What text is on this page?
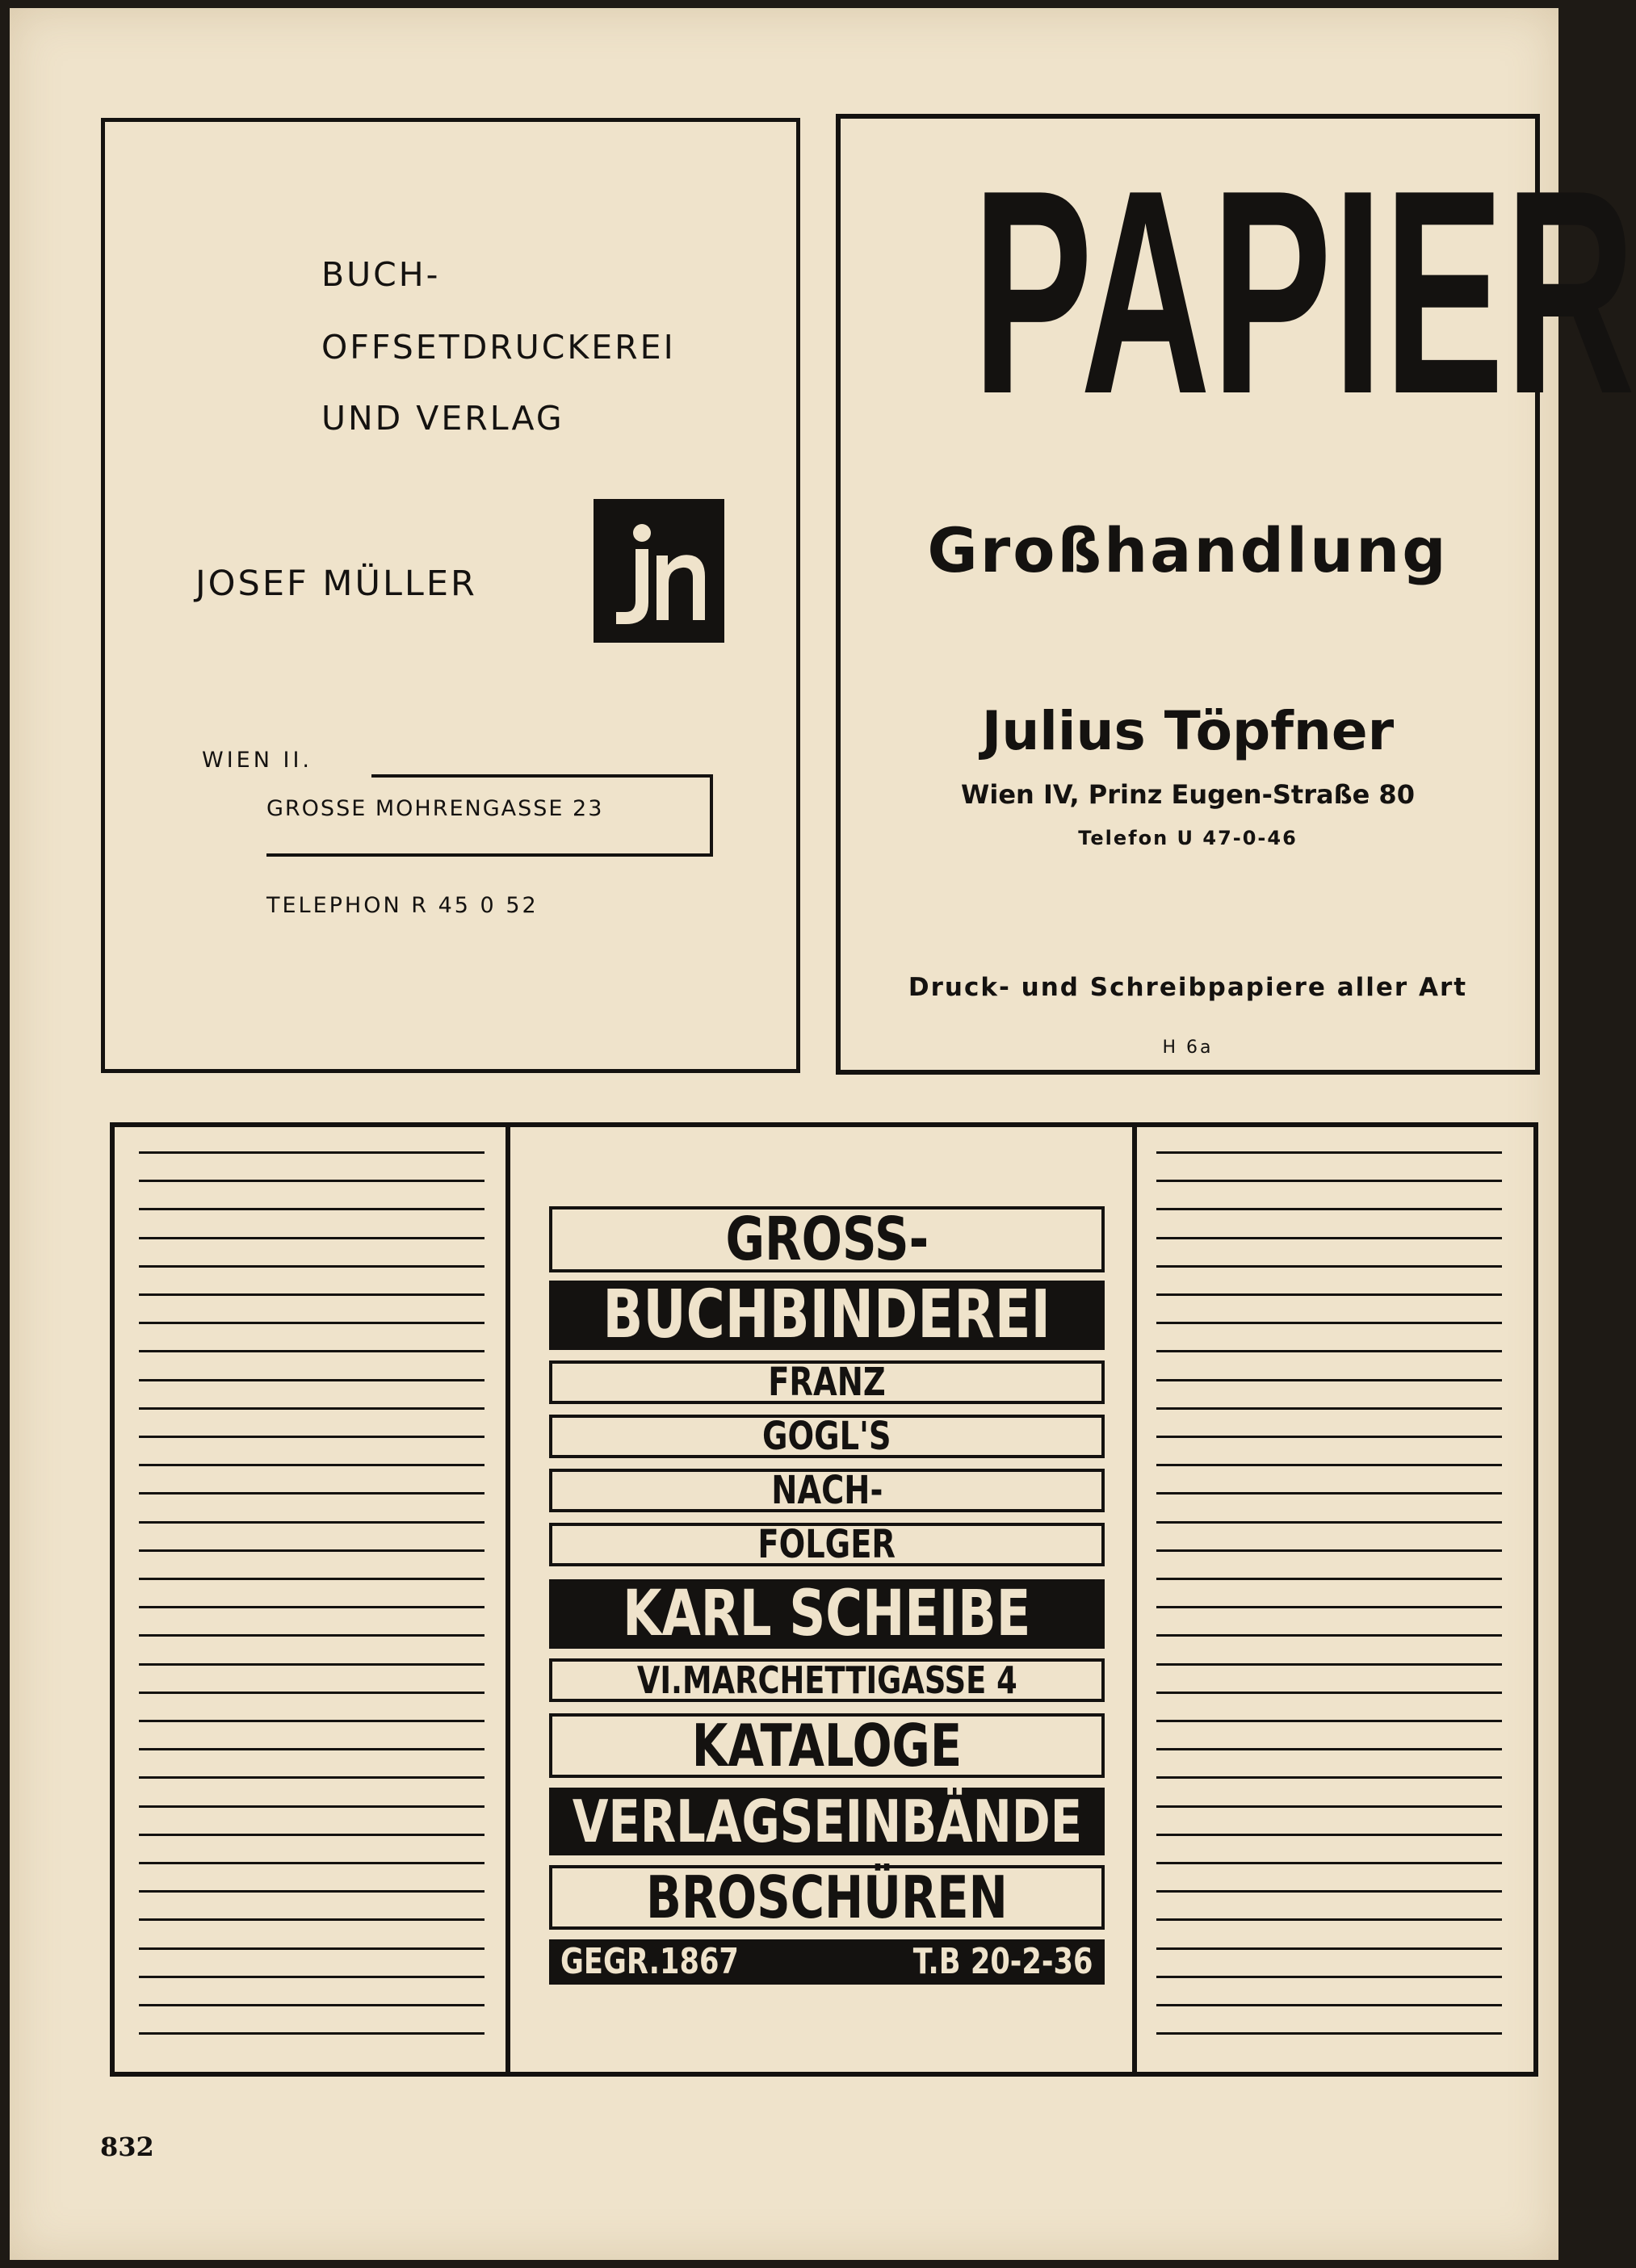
BUCH-
OFFSETDRUCKEREI
UND VERLAG
JOSEF MÜLLER
WIEN II.
GROSSE MOHRENGASSE 23
TELEPHON R 45 0 52
PAPIER
Großhandlung
Julius Töpfner
Wien IV, Prinz Eugen-Straße 80
Telefon U 47-0-46
Druck- und Schreibpapiere aller Art
H 6a
GROSS-
BUCHBINDEREI
FRANZ
GOGL'S
NACH-
FOLGER
KARL SCHEIBE
VI.MARCHETTIGASSE 4
KATALOGE
VERLAGSEINBÄNDE
BROSCHÜREN
GEGR.1867	T.B 20-2-36
832
